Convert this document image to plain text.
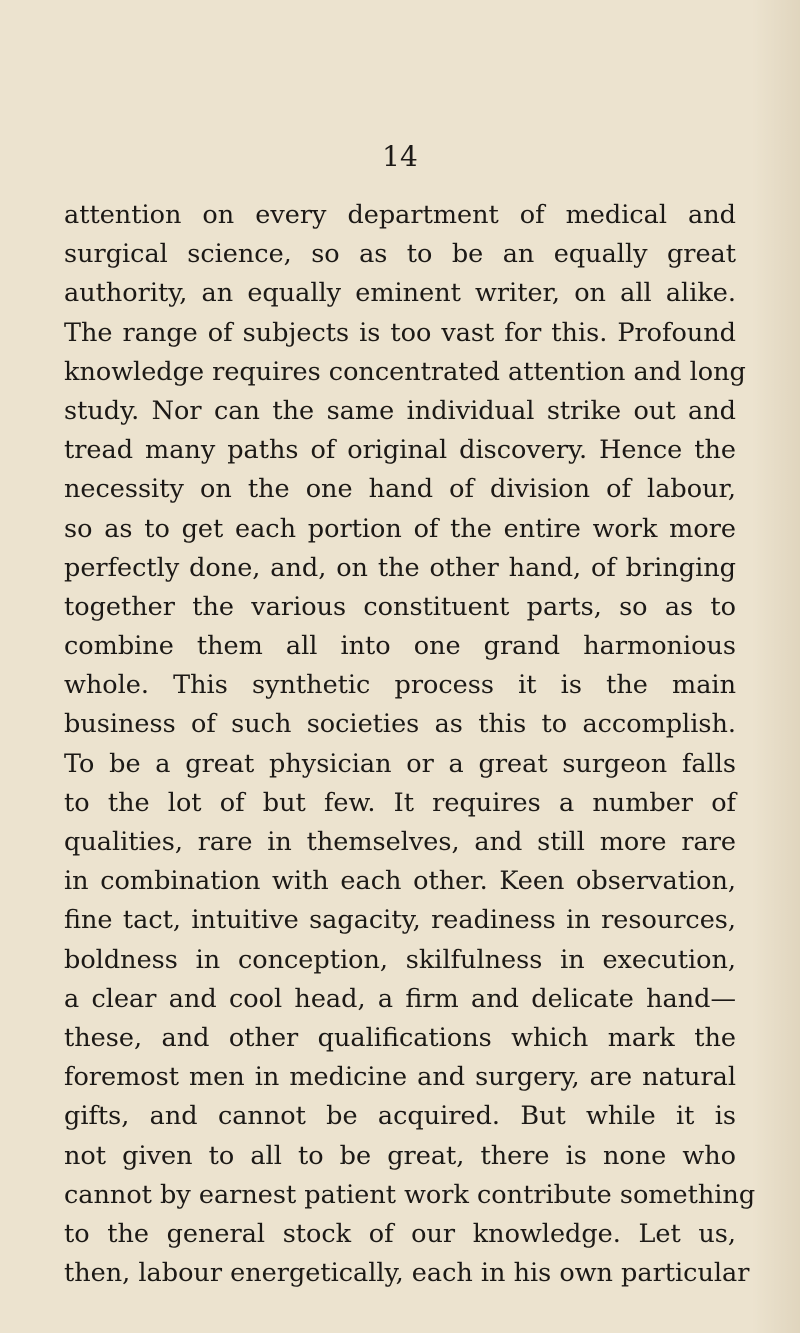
14
attention on every department of medical and
surgical science, so as to be an equally great
authority, an equally eminent writer, on all alike.
The range of subjects is too vast for this. Profound
knowledge requires concentrated attention and long
study. Nor can the same individual strike out and
tread many paths of original discovery. Hence the
necessity on the one hand of division of labour,
so as to get each portion of the entire work more
perfectly done, and, on the other hand, of bringing
together the various constituent parts, so as to
combine them all into one grand harmonious
whole. This synthetic process it is the main
business of such societies as this to accomplish.
To be a great physician or a great surgeon falls
to the lot of but few. It requires a number of
qualities, rare in themselves, and still more rare
in combination with each other. Keen observation,
fine tact, intuitive sagacity, readiness in resources,
boldness in conception, skilfulness in execution,
a clear and cool head, a firm and delicate hand—
these, and other qualifications which mark the
foremost men in medicine and surgery, are natural
gifts, and cannot be acquired. But while it is
not given to all to be great, there is none who
cannot by earnest patient work contribute something
to the general stock of our knowledge. Let us,
then, labour energetically, each in his own particular
